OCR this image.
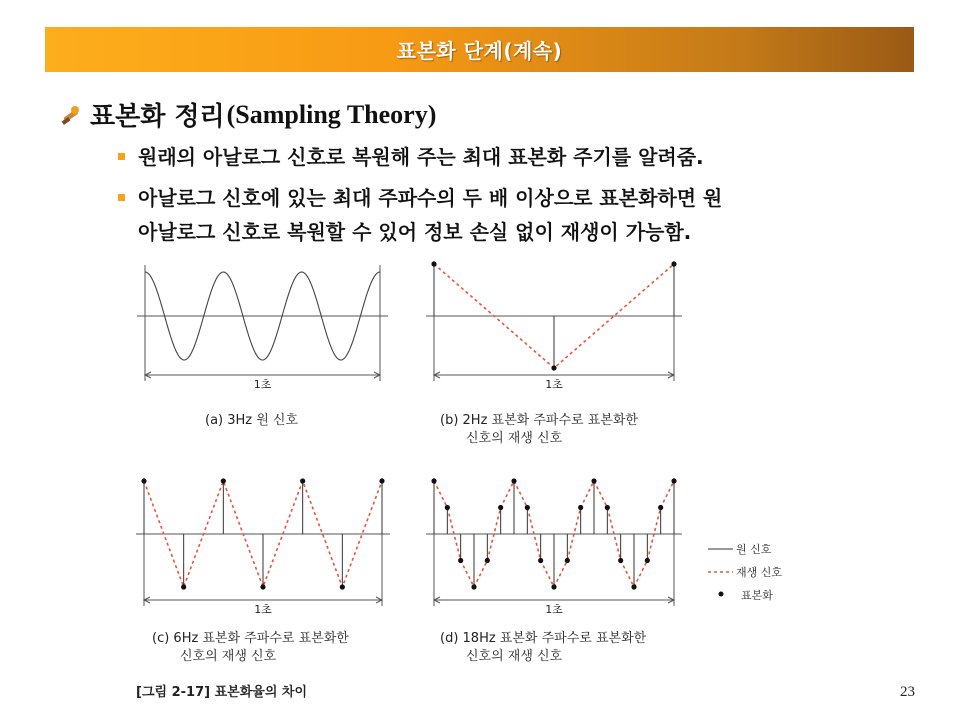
표본화 단계(계속)
표본화 정리 (Sampling Theory)
원래의 아날로그 신호로 복원해 주는 최대 표본화 주기를 알려줌.
아날로그 신호에 있는 최대 주파수의 두 배 이상으로 표본화하면 원
아날로그 신호로 복원할 수 있어 정보 손실 없이 재생이 가능함.
1초
(a) 3Hz 원 신호
1초
(b) 2Hz 표본화 주파수로 표본화한
신호의 재생 신호
1초
(c) 6Hz 표본화 주파수로 표본화한
신호의 재생 신호
1초
(d) 18Hz 표본화 주파수로 표본화한
신호의 재생 신호
원 신호
재생 신호
표본화
[그림 2-17] 표본화율의 차이	23
